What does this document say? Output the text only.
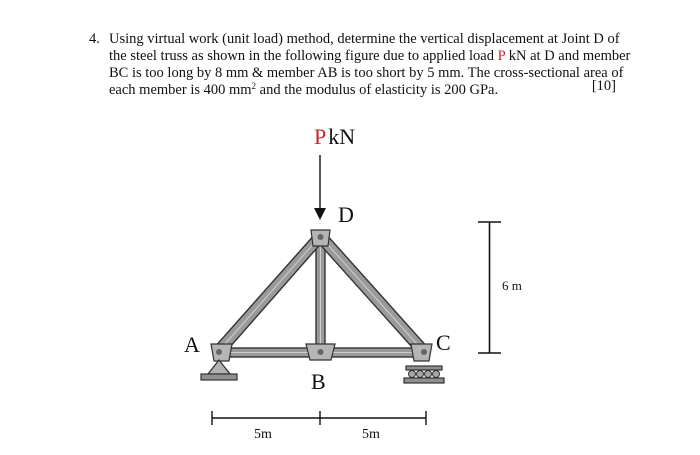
4. Using virtual work (unit load) method, determine the vertical displacement at Joint D of
the steel truss as shown in the following figure due to applied load P kN at D and member
BC is too long by 8 mm & member AB is too short by 5 mm. The cross-sectional area of
each member is 400 $mm^2$ and the modulus of elasticity is 200 GPa.	[10]
PkN
D
A
B
C
6 m
5m	5m
